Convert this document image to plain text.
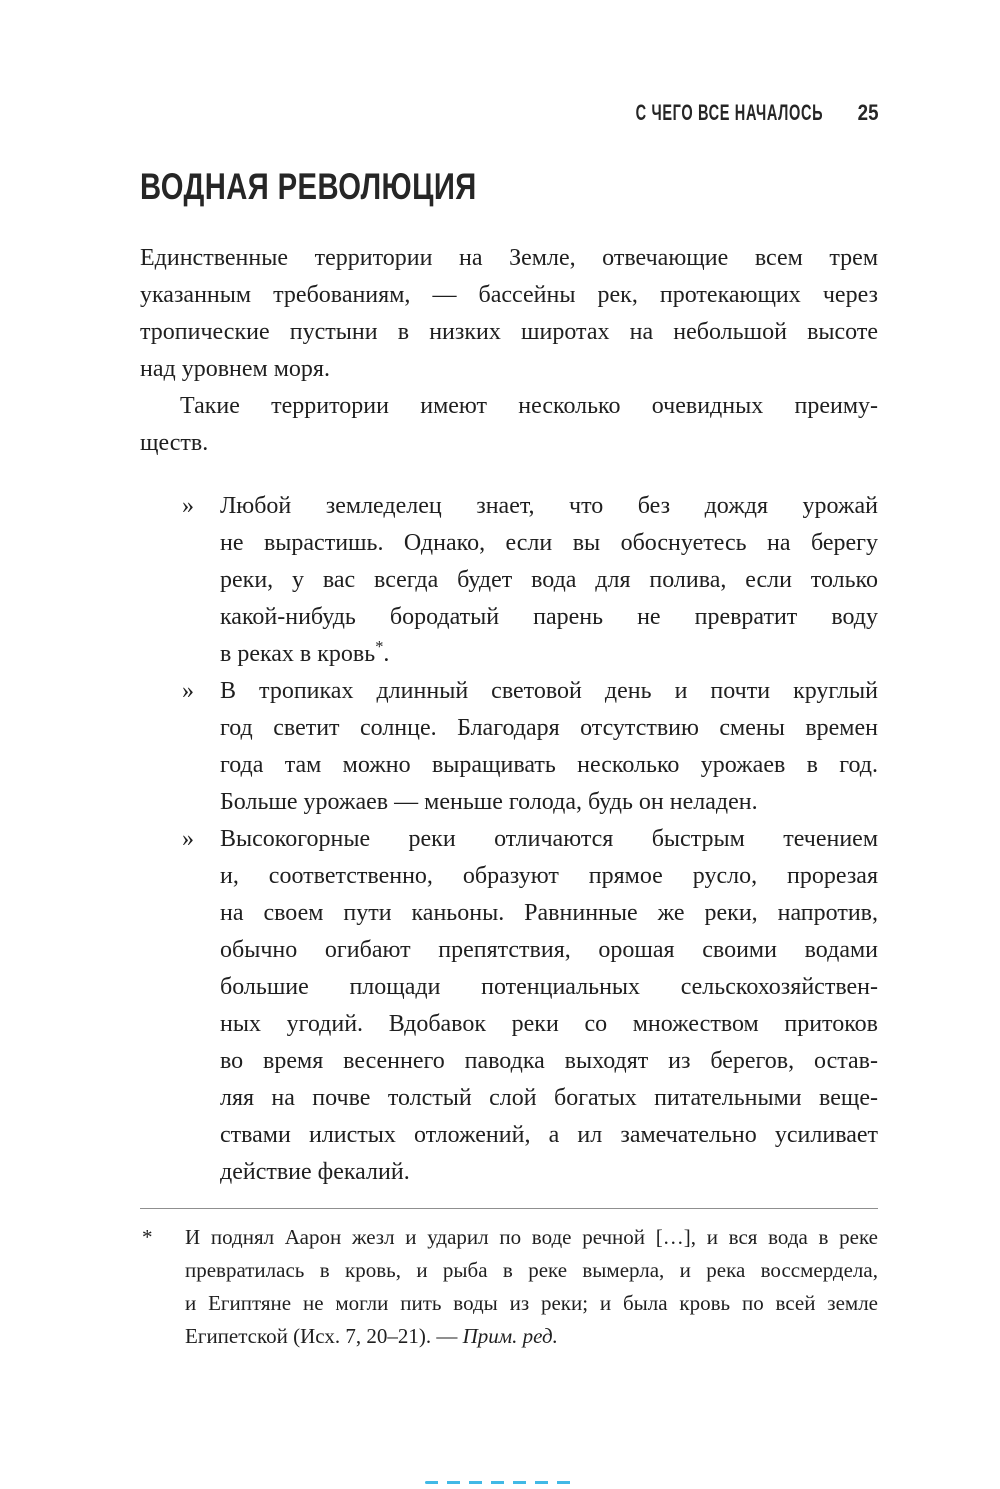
С ЧЕГО ВСЕ НАЧАЛОСЬ 25
ВОДНАЯ РЕВОЛЮЦИЯ
Единственные территории на Земле, отвечающие всем трем
указанным требованиям, — бассейны рек, протекающих через
тропические пустыни в низких широтах на небольшой высоте
над уровнем моря.
Такие территории имеют несколько очевидных преиму-
ществ.
»	Любой земледелец знает, что без дождя урожай
не вырастишь. Однако, если вы обоснуетесь на берегу
реки, у вас всегда будет вода для полива, если только
какой-нибудь бородатый парень не превратит воду
в реках в кровь*.
»	В тропиках длинный световой день и почти круглый
год светит солнце. Благодаря отсутствию смены времен
года там можно выращивать несколько урожаев в год.
Больше урожаев — меньше голода, будь он неладен.
»	Высокогорные реки отличаются быстрым течением
и, соответственно, образуют прямое русло, прорезая
на своем пути каньоны. Равнинные же реки, напротив,
обычно огибают препятствия, орошая своими водами
большие площади потенциальных сельскохозяйствен-
ных угодий. Вдобавок реки со множеством притоков
во время весеннего паводка выходят из берегов, остав-
ляя на почве толстый слой богатых питательными веще-
ствами илистых отложений, а ил замечательно усиливает
действие фекалий.
* И поднял Аарон жезл и ударил по воде речной […], и вся вода в реке
превратилась в кровь, и рыба в реке вымерла, и река воссмердела,
и Египтяне не могли пить воды из реки; и была кровь по всей земле
Египетской (Исх. 7, 20–21). — Прим. ред.
